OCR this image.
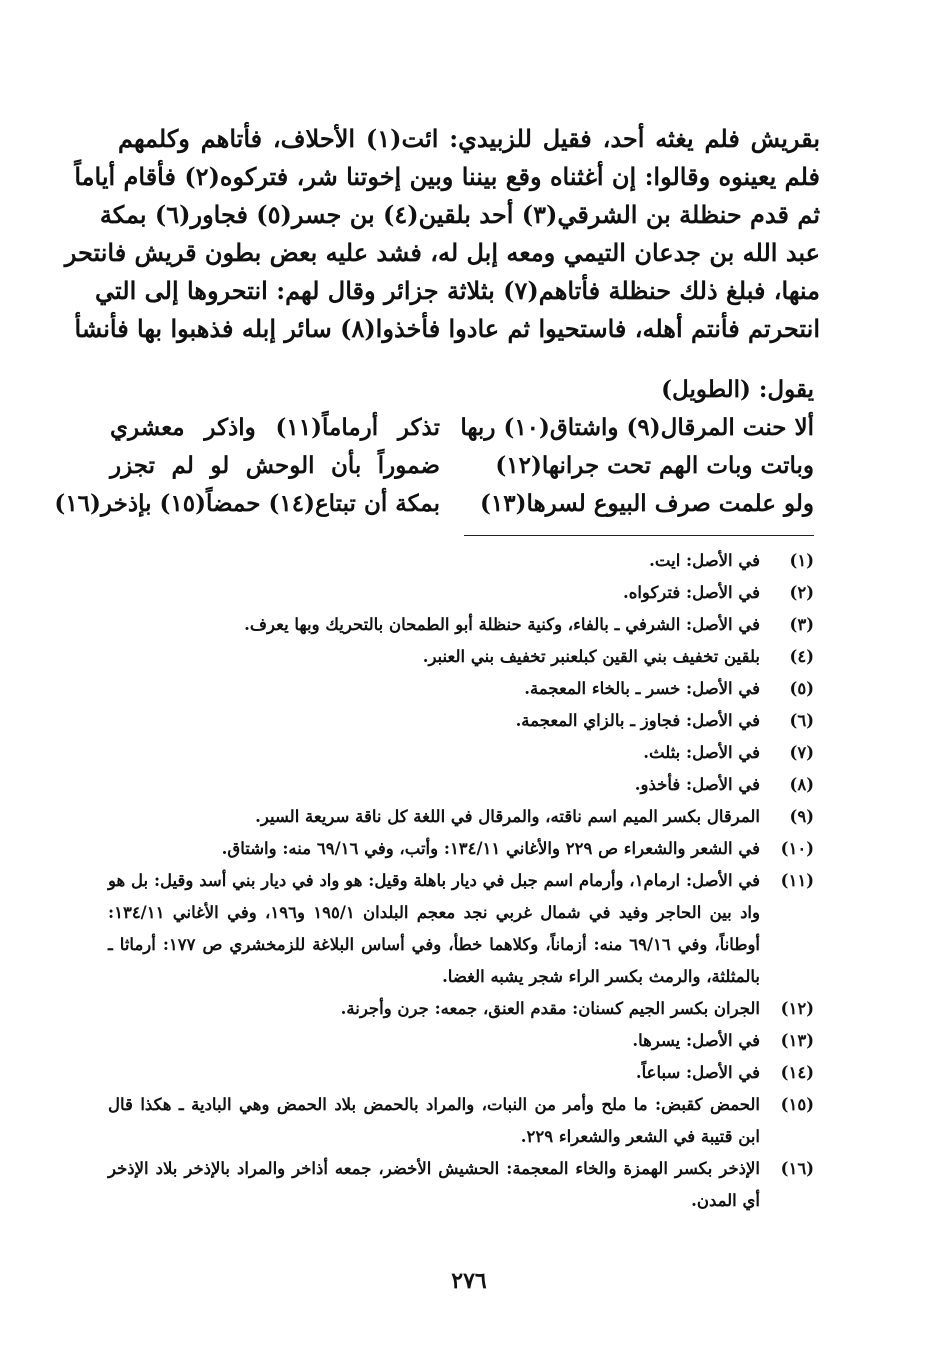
بقريش فلم يغثه أحد، فقيل للزبيدي: ائت(١) الأحلاف، فأتاهم وكلمهم
فلم يعينوه وقالوا: إن أغثناه وقع بيننا وبين إخوتنا شر، فتركوه(٢) فأقام أياماً
ثم قدم حنظلة بن الشرقي(٣) أحد بلقين(٤) بن جسر(٥) فجاور(٦) بمكة
عبد الله بن جدعان التيمي ومعه إبل له، فشد عليه بعض بطون قريش فانتحر
منها، فبلغ ذلك حنظلة فأتاهم(٧) بثلاثة جزائر وقال لهم: انتحروها إلى التي
انتحرتم فأنتم أهله، فاستحيوا ثم عادوا فأخذوا(٨) سائر إبله فذهبوا بها فأنشأ
يقول: (الطويل)
ألا حنت المرقال(٩) واشتاق(١٠) ربها
تذكر أرماماً(١١) واذكر معشري
وباتت وبات الهم تحت جرانها(١٢)
ضموراً بأن الوحش لو لم تجزر
ولو علمت صرف البيوع لسرها(١٣)
بمكة أن تبتاع(١٤) حمضاً(١٥) بإذخر(١٦)
(١)
في الأصل: ايت.
(٢)
في الأصل: فتركواه.
(٣)
في الأصل: الشرفي ـ بالفاء، وكنية حنظلة أبو الطمحان بالتحريك وبها يعرف.
(٤)
بلقين تخفيف بني القين كبلعنبر تخفيف بني العنبر.
(٥)
في الأصل: خسر ـ بالخاء المعجمة.
(٦)
في الأصل: فجاوز ـ بالزاي المعجمة.
(٧)
في الأصل: بثلث.
(٨)
في الأصل: فأخذو.
(٩)
المرقال بكسر الميم اسم ناقته، والمرقال في اللغة كل ناقة سريعة السير.
(١٠)
في الشعر والشعراء ص ٢٢٩ والأغاني ١٣٤/١١: وأتب، وفي ٦٩/١٦ منه: واشتاق.
(١١)
في الأصل: ارمام١، وأرمام اسم جبل في ديار باهلة وقيل: هو واد في ديار بني أسد وقيل: بل هو واد بين الحاجر وفيد في شمال غربي نجد معجم البلدان ١٩٥/١ و١٩٦، وفي الأغاني ١٣٤/١١: أوطاناً، وفي ٦٩/١٦ منه: أزماناً، وكلاهما خطأ، وفي أساس البلاغة للزمخشري ص ١٧٧: أرماثا ـ بالمثلثة، والرمث بكسر الراء شجر يشبه الغضا.
(١٢)
الجران بكسر الجيم كسنان: مقدم العنق، جمعه: جرن وأجرنة.
(١٣)
في الأصل: يسرها.
(١٤)
في الأصل: سباعاً.
(١٥)
الحمض كقبض: ما ملح وأمر من النبات، والمراد بالحمض بلاد الحمض وهي البادية ـ هكذا قال ابن قتيبة في الشعر والشعراء ٢٢٩.
(١٦)
الإذخر بكسر الهمزة والخاء المعجمة: الحشيش الأخضر، جمعه أذاخر والمراد بالإذخر بلاد الإذخر أي المدن.
٢٧٦
